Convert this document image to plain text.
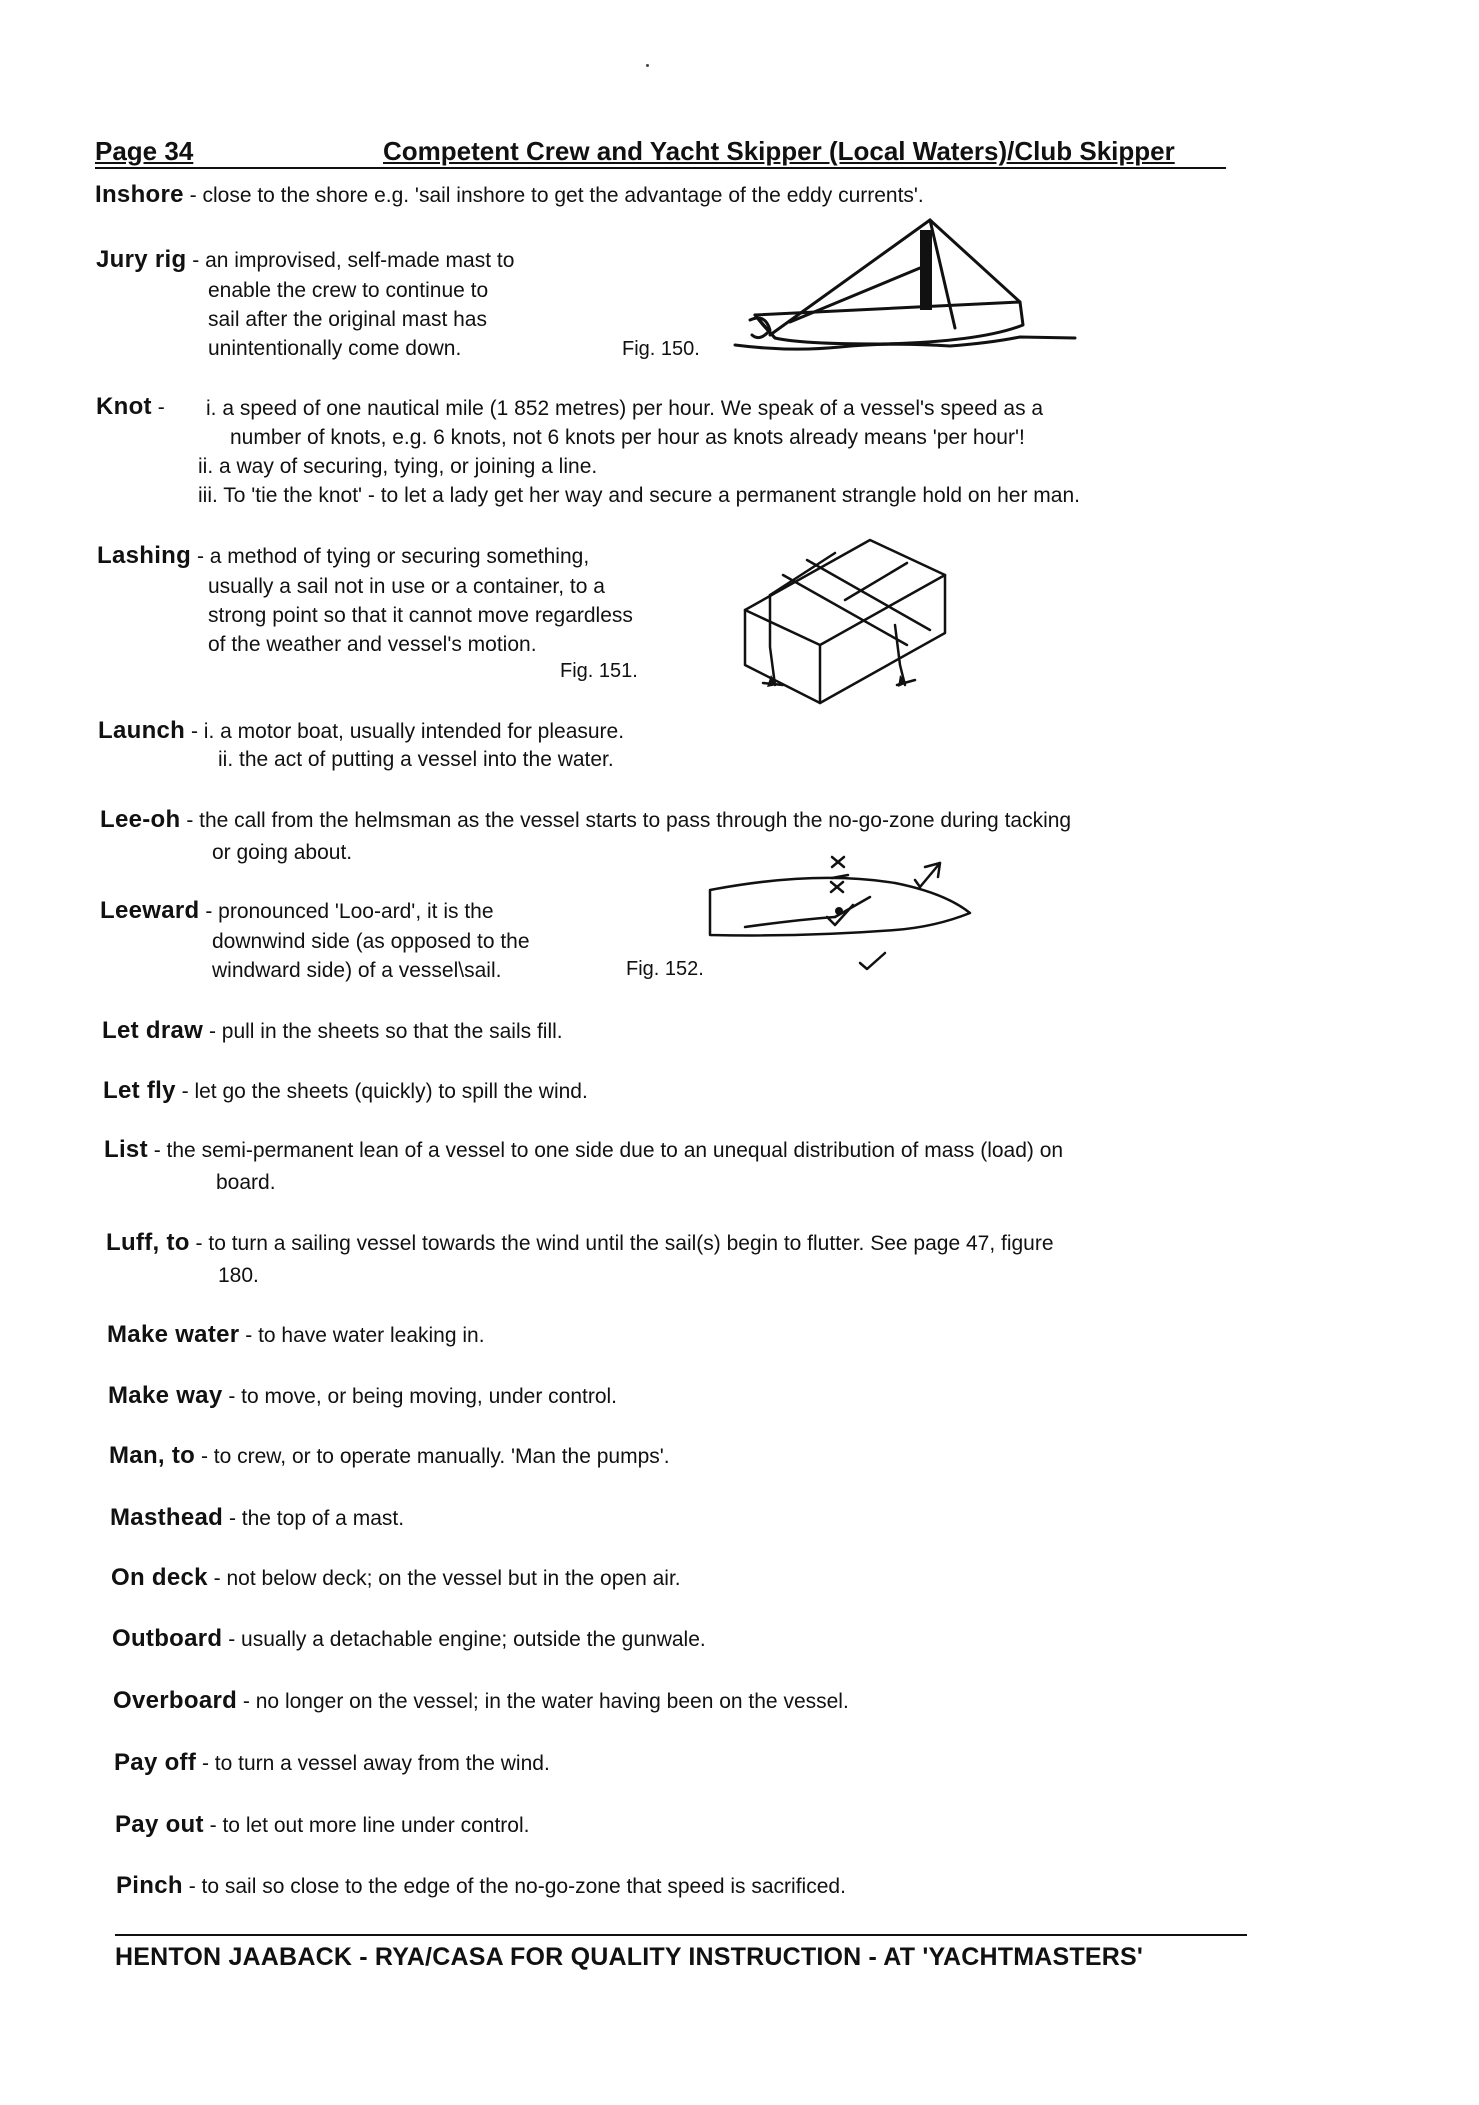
Page 34	Competent Crew and Yacht Skipper (Local Waters)/Club Skipper
Inshore - close to the shore e.g. 'sail inshore to get the advantage of the eddy currents'.
Jury rig - an improvised, self-made mast to
enable the crew to continue to
sail after the original mast has
unintentionally come down.	Fig. 150.
Knot - i. a speed of one nautical mile (1 852 metres) per hour. We speak of a vessel's speed as a
number of knots, e.g. 6 knots, not 6 knots per hour as knots already means 'per hour'!
ii. a way of securing, tying, or joining a line.
iii. To 'tie the knot' - to let a lady get her way and secure a permanent strangle hold on her man.
Lashing - a method of tying or securing something,
usually a sail not in use or a container, to a
strong point so that it cannot move regardless
of the weather and vessel's motion.
Fig. 151.
Launch - i. a motor boat, usually intended for pleasure.
ii. the act of putting a vessel into the water.
Lee-oh - the call from the helmsman as the vessel starts to pass through the no-go-zone during tacking
or going about.
Leeward - pronounced 'Loo-ard', it is the
downwind side (as opposed to the
windward side) of a vessel\sail.	Fig. 152.
Let draw - pull in the sheets so that the sails fill.
Let fly - let go the sheets (quickly) to spill the wind.
List - the semi-permanent lean of a vessel to one side due to an unequal distribution of mass (load) on
board.
Luff, to - to turn a sailing vessel towards the wind until the sail(s) begin to flutter. See page 47, figure
180.
Make water - to have water leaking in.
Make way - to move, or being moving, under control.
Man, to - to crew, or to operate manually. 'Man the pumps'.
Masthead - the top of a mast.
On deck - not below deck; on the vessel but in the open air.
Outboard - usually a detachable engine; outside the gunwale.
Overboard - no longer on the vessel; in the water having been on the vessel.
Pay off - to turn a vessel away from the wind.
Pay out - to let out more line under control.
Pinch - to sail so close to the edge of the no-go-zone that speed is sacrificed.
HENTON JAABACK - RYA/CASA FOR QUALITY INSTRUCTION - AT 'YACHTMASTERS'
